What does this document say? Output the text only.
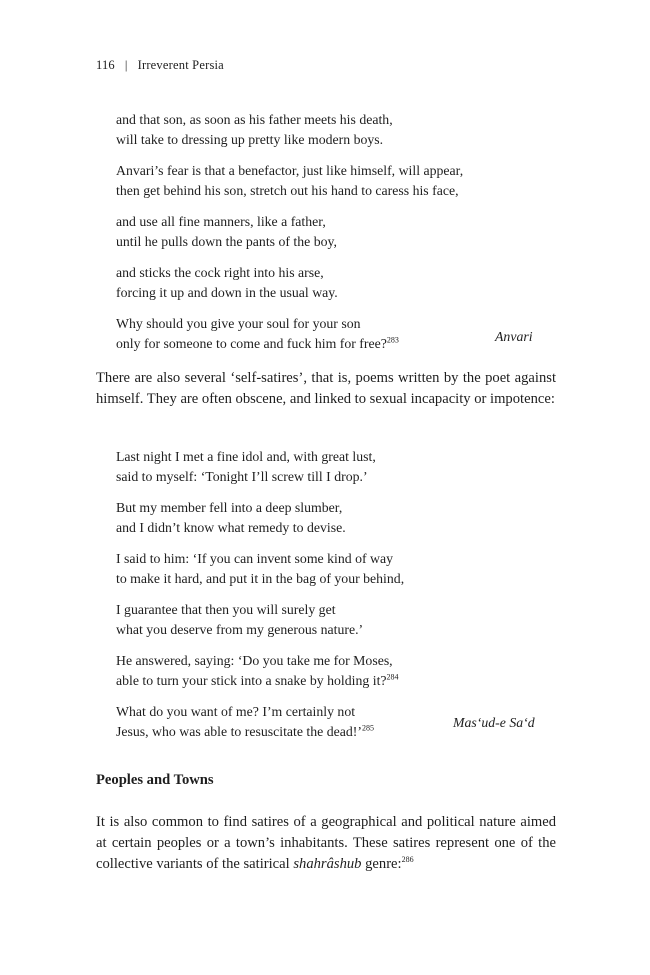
116 | Irreverent Persia
and that son, as soon as his father meets his death,
will take to dressing up pretty like modern boys.
Anvari’s fear is that a benefactor, just like himself, will appear,
then get behind his son, stretch out his hand to caress his face,
and use all fine manners, like a father,
until he pulls down the pants of the boy,
and sticks the cock right into his arse,
forcing it up and down in the usual way.
Why should you give your soul for your son
only for someone to come and fuck him for free?$^{283}$	Anvari

There are also several ‘self-satires’, that is, poems written by the poet against himself. They are often obscene, and linked to sexual incapacity or impotence:

Last night I met a fine idol and, with great lust,
said to myself: ‘Tonight I’ll screw till I drop.’
But my member fell into a deep slumber,
and I didn’t know what remedy to devise.
I said to him: ‘If you can invent some kind of way
to make it hard, and put it in the bag of your behind,
I guarantee that then you will surely get
what you deserve from my generous nature.’
He answered, saying: ‘Do you take me for Moses,
able to turn your stick into a snake by holding it?$^{284}$
What do you want of me? I’m certainly not
Jesus, who was able to resuscitate the dead!’$^{285}$	Mas‘ud-e Sa‘d
Peoples and Towns

It is also common to find satires of a geographical and political nature aimed at certain peoples or a town’s inhabitants. These satires represent one of the collective variants of the satirical shahrâshub genre:$^{286}$
